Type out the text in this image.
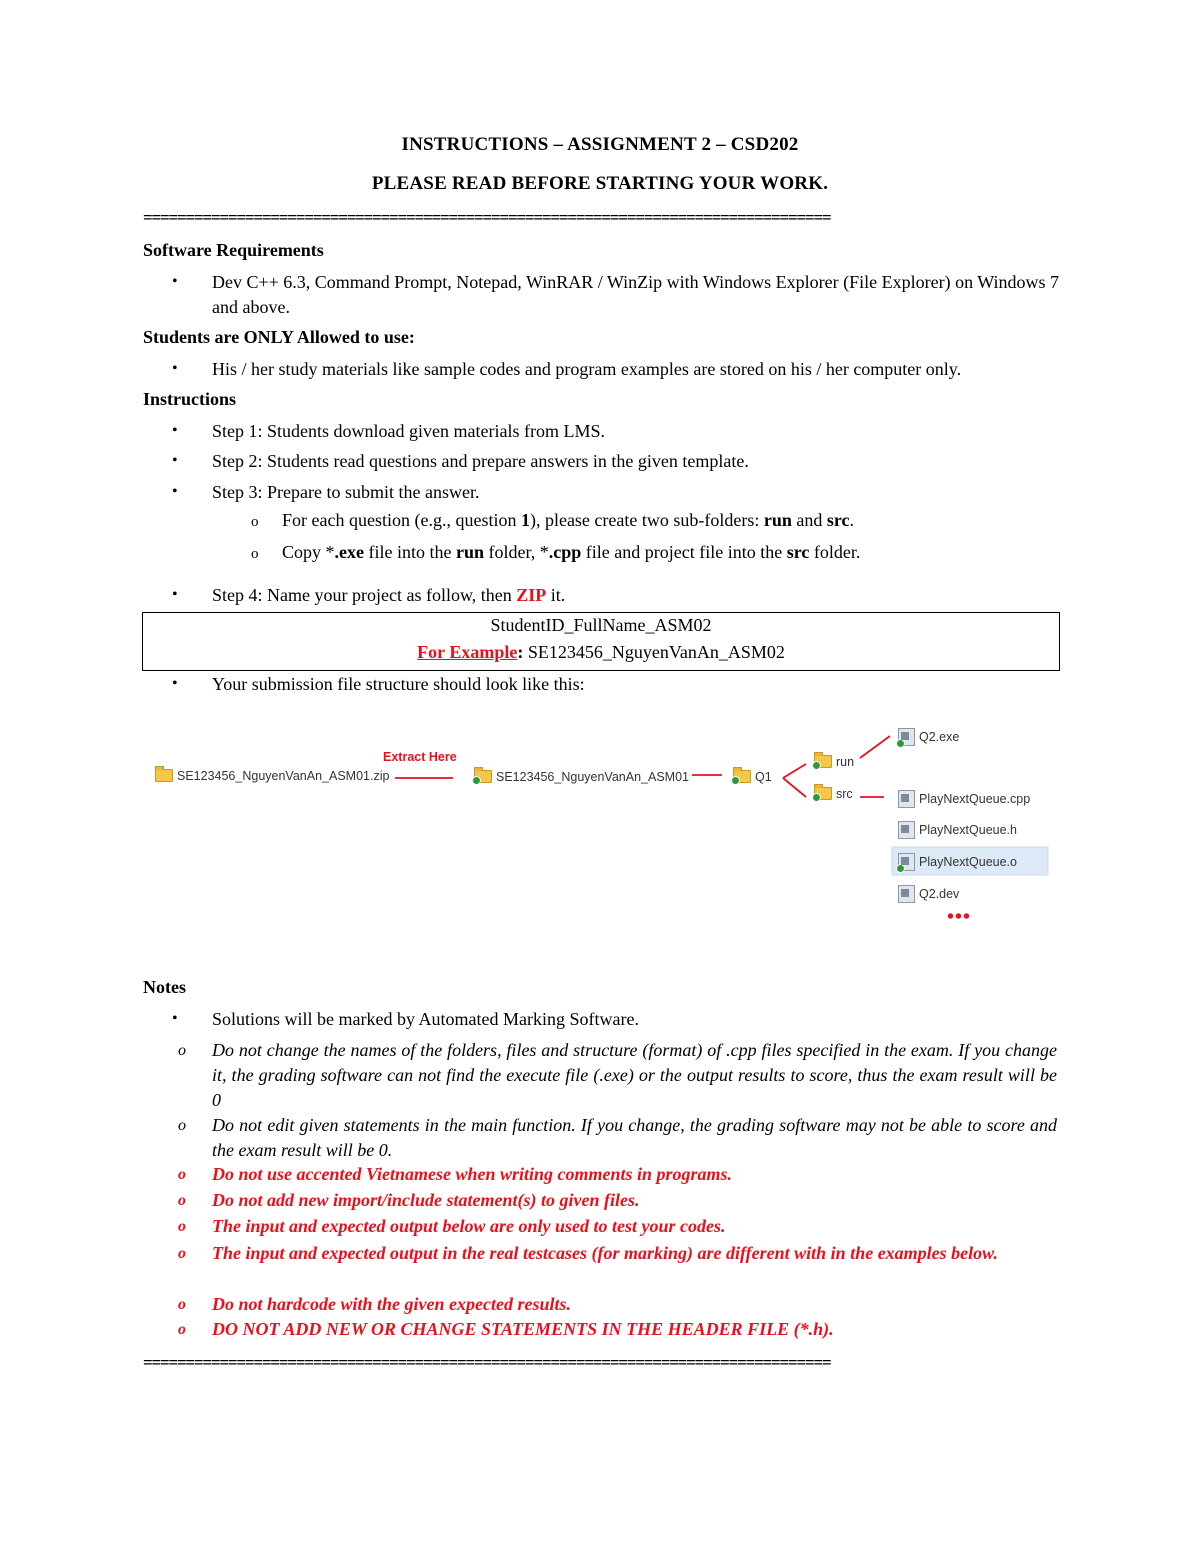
INSTRUCTIONS – ASSIGNMENT 2 – CSD202
PLEASE READ BEFORE STARTING YOUR WORK.
=================================================================================
Software Requirements
• Dev C++ 6.3, Command Prompt, Notepad, WinRAR / WinZip with Windows Explorer (File Explorer) on Windows 7 and above.
Students are ONLY Allowed to use:
• His / her study materials like sample codes and program examples are stored on his / her computer only.
Instructions
• Step 1: Students download given materials from LMS.
• Step 2: Students read questions and prepare answers in the given template.
• Step 3: Prepare to submit the answer.
o For each question (e.g., question 1), please create two sub-folders: run and src.
o Copy *.exe file into the run folder, *.cpp file and project file into the src folder.
• Step 4: Name your project as follow, then ZIP it.
StudentID_FullName_ASM02
For Example: SE123456_NguyenVanAn_ASM02
• Your submission file structure should look like this:
SE123456_NguyenVanAn_ASM01.zip
Extract Here
SE123456_NguyenVanAn_ASM01	Q1
run
src
Q2.exe
PlayNextQueue.cpp
PlayNextQueue.h
PlayNextQueue.o
Q2.dev
•••
Notes
• Solutions will be marked by Automated Marking Software.
o Do not change the names of the folders, files and structure (format) of .cpp files specified in the exam. If you change it, the grading software can not find the execute file (.exe) or the output results to score, thus the exam result will be 0
o Do not edit given statements in the main function. If you change, the grading software may not be able to score and the exam result will be 0.
o Do not use accented Vietnamese when writing comments in programs.
o Do not add new import/include statement(s) to given files.
o The input and expected output below are only used to test your codes.
o The input and expected output in the real testcases (for marking) are different with in the examples below.
o Do not hardcode with the given expected results.
o DO NOT ADD NEW OR CHANGE STATEMENTS IN THE HEADER FILE (*.h).
=================================================================================
